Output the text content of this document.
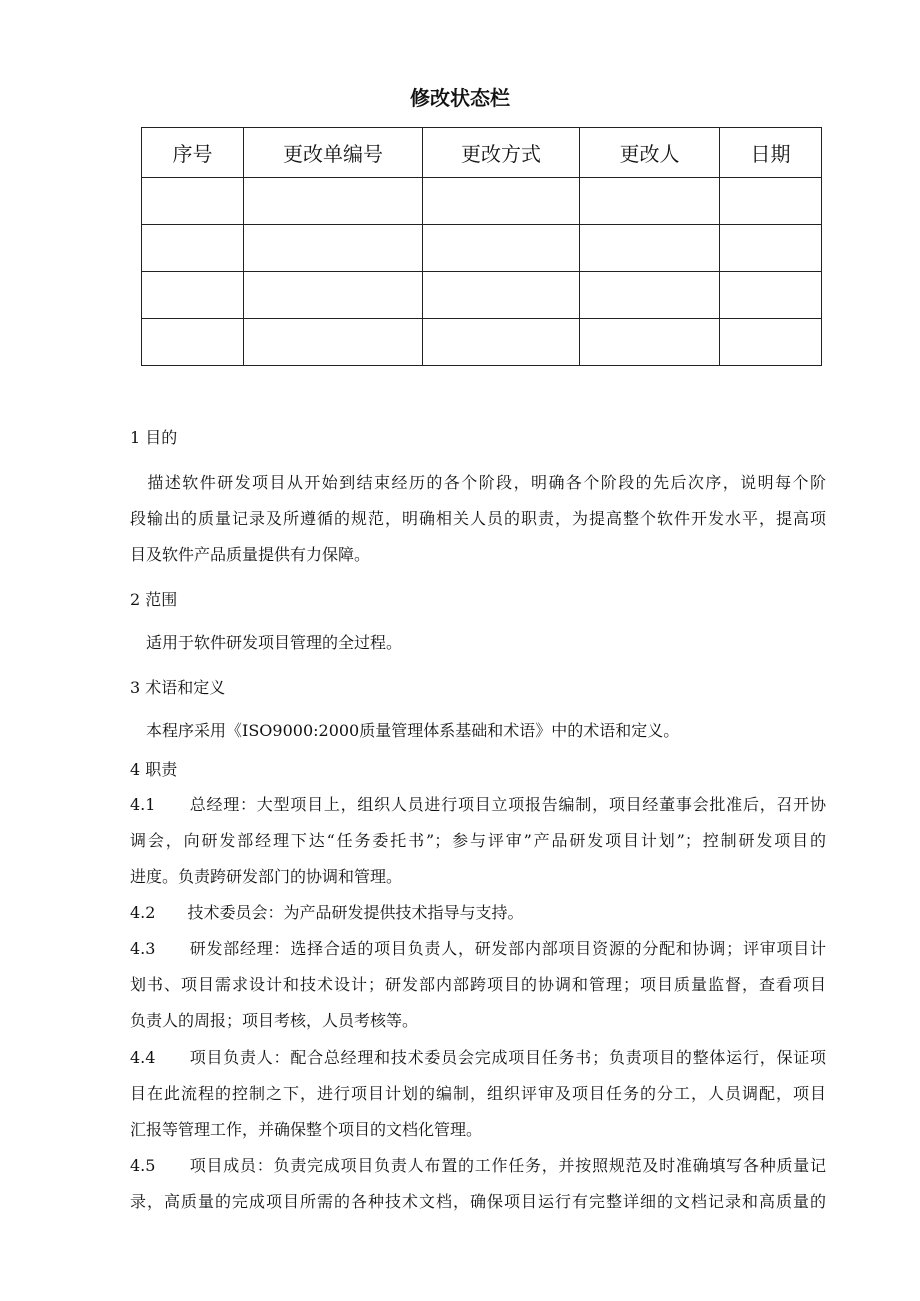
修改状态栏
序号	更改单编号	更改方式	更改人	日期

1 目的
　描述软件研发项目从开始到结束经历的各个阶段，明确各个阶段的先后次序，说明每个阶
段输出的质量记录及所遵循的规范，明确相关人员的职责，为提高整个软件开发水平，提高项
目及软件产品质量提供有力保障。
2 范围
　适用于软件研发项目管理的全过程。
3 术语和定义
　本程序采用《ISO9000:2000质量管理体系基础和术语》中的术语和定义。
4 职责
4.1　　总经理：大型项目上，组织人员进行项目立项报告编制，项目经董事会批准后，召开协
调会，向研发部经理下达“任务委托书”；参与评审”产品研发项目计划”；控制研发项目的
进度。负责跨研发部门的协调和管理。
4.2　　技术委员会：为产品研发提供技术指导与支持。
4.3　　研发部经理：选择合适的项目负责人，研发部内部项目资源的分配和协调；评审项目计
划书、项目需求设计和技术设计；研发部内部跨项目的协调和管理；项目质量监督，查看项目
负责人的周报；项目考核，人员考核等。
4.4　　项目负责人：配合总经理和技术委员会完成项目任务书；负责项目的整体运行，保证项
目在此流程的控制之下，进行项目计划的编制，组织评审及项目任务的分工，人员调配，项目
汇报等管理工作，并确保整个项目的文档化管理。
4.5　　项目成员：负责完成项目负责人布置的工作任务，并按照规范及时准确填写各种质量记
录，高质量的完成项目所需的各种技术文档，确保项目运行有完整详细的文档记录和高质量的
